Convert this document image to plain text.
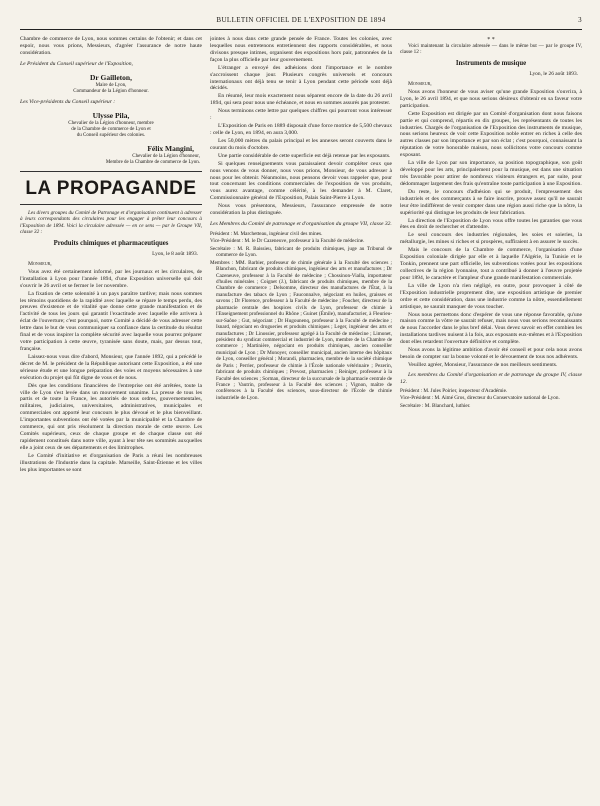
BULLETIN OFFICIEL DE L'EXPOSITION DE 1894	3

Chambre de commerce de Lyon, nous sommes certains de l'obtenir; et dans cet espoir, nous vous prions, Messieurs, d'agréer l'assurance de notre haute considération.

Le Président du Conseil supérieur de l'Exposition,

Dr Gailleton,
Maire de Lyon,
Commandeur de la Légion d'honneur.

Les Vice-présidents du Conseil supérieur :

Ulysse Pila,
Chevalier de la Légion d'honneur, membre
de la Chambre de commerce de Lyon et
du Conseil supérieur des colonies.
Félix Mangini,
Chevalier de la Légion d'honneur,
Membre de la Chambre de commerce de Lyon.
LA PROPAGANDE

Les divers groupes du Comité de Patronage et d'organisation continuent à adresser à leurs correspondants des circulaires pour les engager à prêter leur concours à l'Exposition de 1894. Voici la circulaire adressée — en ce sens — par le Groupe VII, classe 32 :

Produits chimiques et pharmaceutiques
Lyon, le 8 août 1893.

Monsieur,

Vous avez été certainement informé, par les journaux et les circulaires, de l'installation à Lyon pour l'année 1894, d'une Exposition universelle qui doit s'ouvrir le 26 avril et se fermer le 1er novembre.

La fixation de cette solennité à un pays paraître tardive; mais nous sommes les témoins quotidiens de la rapidité avec laquelle se répare le temps perdu, des preuves d'existence et de vitalité que donne cette grande manifestation et de l'activité de tous les jours qui garantit l'exactitude avec laquelle elle arrivera à éclat de l'ouverture; c'est pourquoi, notre Comité a décidé de vous adresser cette lettre dans le but de vous communiquer sa confiance dans la certitude du résultat final et de vous inspirer la complète sécurité avec laquelle vous pourrez préparer votre participation à cette œuvre, tyranisée sans doute, mais, par dessus tout, française.

Laissez-nous vous dire d'abord, Monsieur, que l'année 1892, qui a précédé le décret de M. le président de la République autorisant cette Exposition, a été une sérieuse étude et une longue préparation des voies et moyens nécessaires à une exécution du projet qui fût digne de vous et de nous.

Dès que les conditions financières de l'entreprise ont été arrêtées, toute la ville de Lyon s'est levée dans un mouvement unanime. La presse de tous les partis et de toute la France, les autorités de tous ordres, gouvernementales, militaires, judiciaires, universitaires, administratives, municipales et commerciales ont apporté leur concours le plus dévoué et le plus bienveillant. L'importantes subventions ont été votées par la municipalité et la Chambre de commerce, qui ont pris résolument la direction morale de cette œuvre. Les Comités supérieurs, ceux de chaque groupe et de chaque classe ont été rapidement constitués dans notre ville, ayant à leur tête ses sommités auxquelles elle a joint ceux de ses départements et des limitrophes.

Le Comité d'initiative et d'organisation de Paris a réuni les nombreuses illustrations de l'Industrie dans la capitale. Marseille, Saint-Étienne et les villes les plus importantes se sont

jointes à nous dans cette grande pensée de France. Toutes les colonies, avec lesquelles nous entretenons entretiennent des rapports considérables, et nous divisons presque intimes, organisent des expositions hors pair, patronnées de la façon la plus officielle par leur gouvernement.

L'étranger a envoyé des adhésions dont l'importance et le nombre s'accroissent chaque jour. Plusieurs congrès universels et concours internationaux ont déjà tenu se tenir à Lyon pendant cette période sont déjà décidés.

En résumé, leur mois exactement nous séparent encore de la date du 26 avril 1894, qui sera pour nous une échéance, et nous en sommes assurés pas protester.

Nous terminons cette lettre par quelques chiffres qui pourront vous intéresser :

L'Exposition de Paris en 1889 disposait d'une force motrice de 5,500 chevaux : celle de Lyon, en 1894, en aura 3,000.

Les 50,000 mètres du palais principal et les annexes seront couverts dans le courant du mois d'octobre.

Une partie considérable de cette superficie est déjà retenue par les exposants.

Si quelques renseignements vous paraissaient devoir compléter ceux que nous venons de vous donner, nous vous prions, Monsieur, de vous adresser à nous pour les obtenir. Néanmoins, nous pensons devoir vous rappeler que, pour tout concernant les conditions commerciales de l'exposition de vos produits, vous aurez avantage, comme célérité, à les demander à M. Claret, Commissionnaire général de l'Exposition, Palais Saint-Pierre à Lyon.

Nous vous présentons, Messieurs, l'assurance empressée de notre considération la plus distinguée.

Les Membres du Comité de patronage et d'organisation du groupe VII, classe 32.

Président : M. Marchetteau, ingénieur civil des mines.

Vice-Président : M. le Dr Cazeneuve, professeur à la Faculté de médecine.

Secrétaire : M. R. Baissieu, fabricant de produits chimiques, juge au Tribunal de commerce de Lyon.

Membres : MM. Barbier, professeur de chimie générale à la Faculté des sciences ; Blanchon, fabricant de produits chimiques, ingénieur des arts et manufactures ; Dr Cazeneuve, professeur à la Faculté de médecine ; Chossinon-Vialla, importateur d'huiles minérales ; Coignet (J.), fabricant de produits chimiques, membre de la Chambre de commerce ; Delsomme, directeur des manufactures de l'État, à la manufacture des tabacs de Lyon ; Fauconnalve, négociant en huiles, graisses et savons ; Dr Florence, professeur à la Faculté de médecine ; Foucher, directeur de la pharmacie centrale des hospices civils de Lyon, professeur de chimie à l'Enseignement professionnel du Rhône ; Guinet (Émile), manufacturier, à Fleurieu-sur-Saône ; Gut, négociant ; Dr Hugounenq, professeur à la Faculté de médecine ; Isnard, négociant en drogueries et produits chimiques ; Leger, ingénieur des arts et manufactures ; Dr Linossier, professeur agrégé à la Faculté de médecine ; Limonet, président du syndicat commercial et industriel de Lyon, membre de la Chambre de commerce ; Martinière, négociant en produits chimiques, ancien conseiller municipal de Lyon ; Dr Monoyer, conseiller municipal, ancien interne des hôpitaux de Lyon, conseiller général ; Morandi, pharmacien, membre de la société chimique de Paris ; Perrier, professeur de chimie à l'École nationale vétérinaire ; Pezerin, fabricant de produits chimiques ; Prevost, pharmacien ; Reiniger, professeur à la Faculté des sciences ; Sorman, directeur de la succursale de la pharmacie centrale de France ; Vautrin, professeur à la Faculté des sciences ; Vignon, maître de conférences à la Faculté des sciences, sous-directeur de l'École de chimie industrielle de Lyon.

* *

Voici maintenant la circulaire adressée — dans le même but — par le groupe IV, classe 12 :

Instruments de musique
Lyon, le 26 août 1893.

Monsieur,

Nous avons l'honneur de vous aviser qu'une grande Exposition s'ouvrira, à Lyon, le 26 avril 1894, et que nous serions désireux d'obtenir en sa faveur votre participation.

Cette Exposition est dirigée par un Comité d'organisation dont nous faisons partie et qui comprend, répartis en dix groupes, les représentants de toutes les industries. Chargés de l'organisation de l'Exposition des instruments de musique, nous serions heureux de voir cette Exposition noble entrer en riches à celle des autres classes par son importance et par son éclat ; c'est pourquoi, connaissant la réputation de votre honorable maison, nous sollicitons votre concours comme exposant.

La ville de Lyon par son importance, sa position topographique, son goût développé pour les arts, principalement pour la musique, est dans une situation très favorable pour attirer de nombreux visiteurs étrangers et, par suite, pour dédommager largement des frais qu'entraîne toute participation à une Exposition.

Du reste, le concours d'adhésion qui se produit, l'empressement des industriels et des commerçants à se faire inscrire, prouve assez qu'il ne saurait leur être indifférent de venir compter dans une région aussi riche que la nôtre, la supériorité qui distingue les produits de leur fabrication.

La direction de l'Exposition de Lyon vous offre toutes les garanties que vous êtes en droit de rechercher et d'attendre.

Le seul concours des industries régionales, les soies et soieries, la métallurgie, les mines si riches et si prospères, suffiraient à en assurer le succès.

Mais le concours de la Chambre de commerce, l'organisation d'une Exposition coloniale dirigée par elle et à laquelle l'Algérie, la Tunisie et le Tonkin, prennent une part officielle, les subventions votées pour les expositions collectives de la région lyonnaise, tout a contribué à donner à l'œuvre projetée pour 1894, le caractère et l'ampleur d'une grande manifestation commerciale.

La ville de Lyon n'a rien négligé, en outre, pour provoquer à côté de l'Exposition industrielle proprement dite, une exposition artistique de premier ordre et cette considération, dans une industrie comme la nôtre, essentiellement artistique, ne saurait manquer de vous toucher.

Nous nous permettons donc d'espérer de vous une réponse favorable, qu'une maison comme la vôtre ne saurait refuser, mais nous vous serions reconnaissants de nous l'accorder dans le plus bref délai. Vous devez savoir en effet combien les installations tardives nuisent à la fois, aux exposants eux-mêmes et à l'Exposition dont elles retardent l'ouverture définitive et complète.

Nous avons la légitime ambition d'avoir été conseil et pour cela nous avons besoin de compter sur la bonne volonté et le dévouement de tous nos adhérents.

Veuillez agréer, Monsieur, l'assurance de nos meilleurs sentiments.

Les membres du Comité d'organisation et de patronage du groupe IV, classe 12.

Président : M. Jules Poirier, inspecteur d'Académie.

Vice-Président : M. Aimé Gros, directeur du Conservatoire national de Lyon.

Secrétaire : M. Blanchard, luthier.
